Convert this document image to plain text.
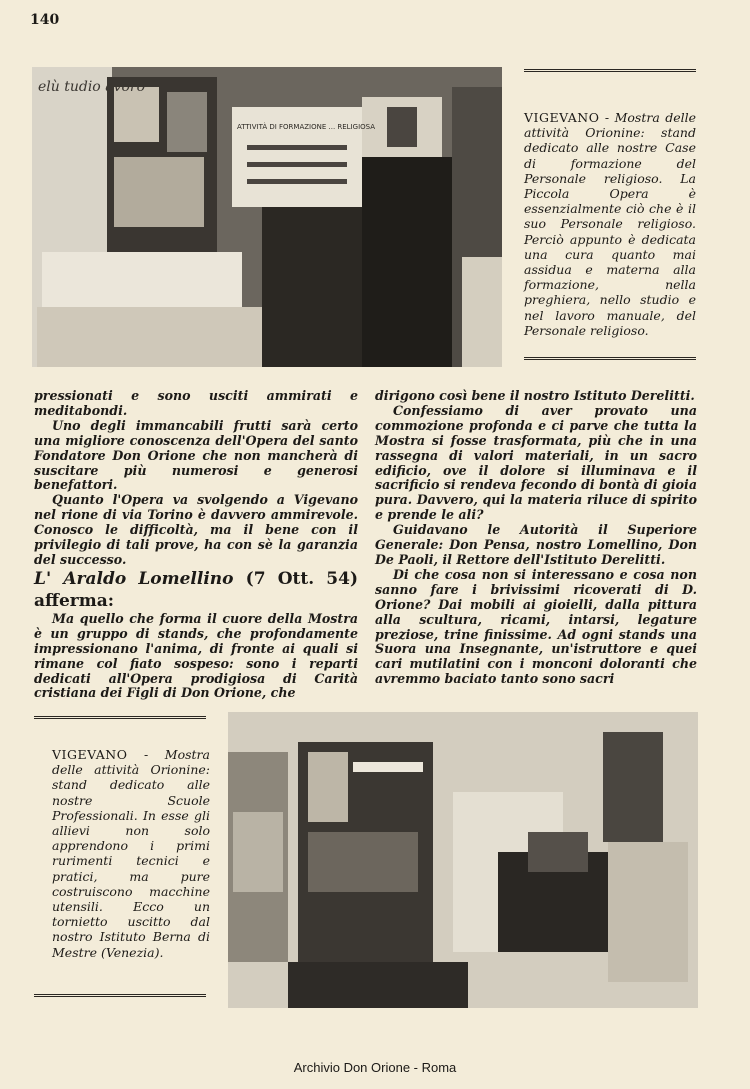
140
elù tudio avoro
ATTIVITÀ DI FORMAZIONE ... RELIGIOSA

VIGEVANO - Mostra delle attività Orionine: stand dedicato alle nostre Case di formazione del Personale religioso. La Piccola Opera è essenzialmente ciò che è il suo Personale religioso. Perciò appunto è dedicata una cura quanto mai assidua e materna alla formazione, nella preghiera, nello studio e nel lavoro manuale, del Personale religioso.

pressionati e sono usciti ammirati e meditabondi.

Uno degli immancabili frutti sarà certo una migliore conoscenza dell'Opera del santo Fondatore Don Orione che non mancherà di suscitare più numerosi e generosi benefattori.

Quanto l'Opera va svolgendo a Vigevano nel rione di via Torino è davvero ammirevole. Conosco le difficoltà, ma il bene con il privilegio di tali prove, ha con sè la garanzia del successo.

L' Araldo Lomellino (7 Ott. 54) afferma:

Ma quello che forma il cuore della Mostra è un gruppo di stands, che profondamente impressionano l'anima, di fronte ai quali si rimane col fiato sospeso: sono i reparti dedicati all'Opera prodigiosa di Carità cristiana dei Figli di Don Orione, che

dirigono così bene il nostro Istituto Derelitti.

Confessiamo di aver provato una commozione profonda e ci parve che tutta la Mostra si fosse trasformata, più che in una rassegna di valori materiali, in un sacro edificio, ove il dolore si illuminava e il sacrificio si rendeva fecondo di bontà di gioia pura. Davvero, qui la materia riluce di spirito e prende le ali?

Guidavano le Autorità il Superiore Generale: Don Pensa, nostro Lomellino, Don De Paoli, il Rettore dell'Istituto Derelitti.

Di che cosa non si interessano e cosa non sanno fare i brivissimi ricoverati di D. Orione? Dai mobili ai gioielli, dalla pittura alla scultura, ricami, intarsi, legature preziose, trine finissime. Ad ogni stands una Suora una Insegnante, un'istruttore e quei cari mutilatini con i monconi doloranti che avremmo baciato tanto sono sacri

VIGEVANO - Mostra delle attività Orionine: stand dedicato alle nostre Scuole Professionali. In esse gli allievi non solo apprendono i primi rurimenti tecnici e pratici, ma pure costruiscono macchine utensili. Ecco un tornietto uscitto dal nostro Istituto Berna di Mestre (Venezia).

Archivio Don Orione - Roma
